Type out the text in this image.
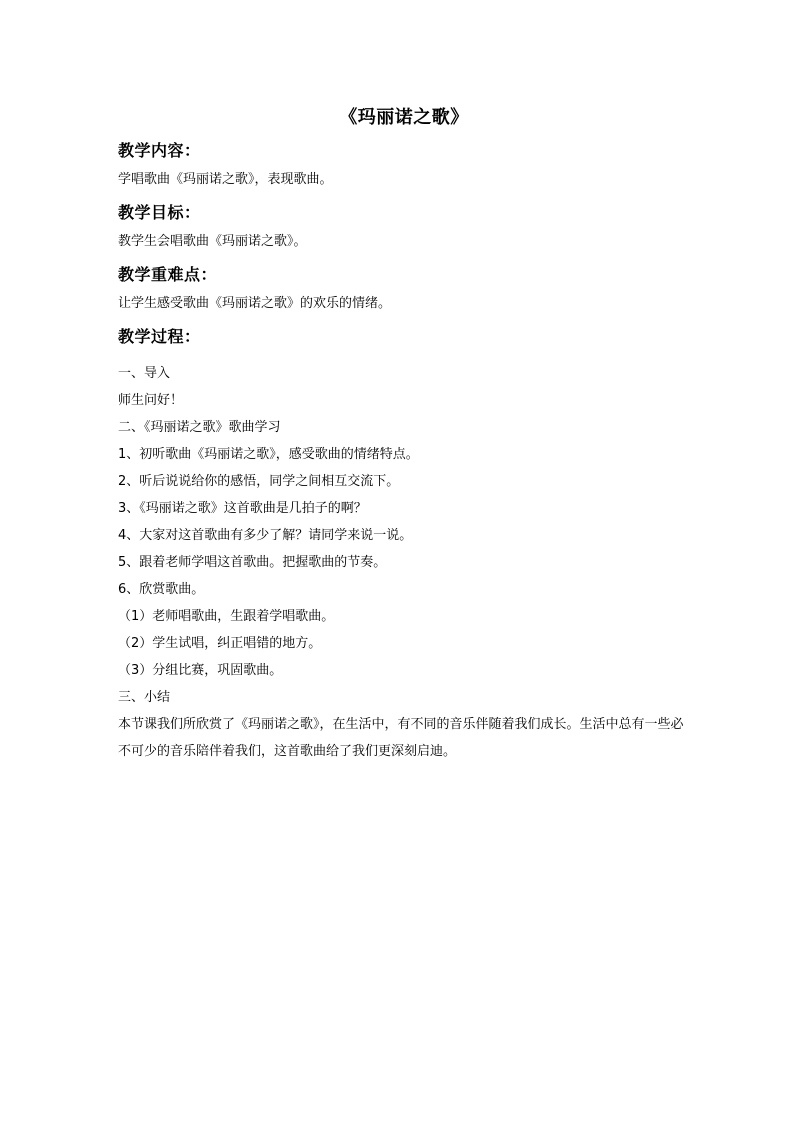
《玛丽诺之歌》
教学内容：
学唱歌曲《玛丽诺之歌》，表现歌曲。
教学目标：
教学生会唱歌曲《玛丽诺之歌》。
教学重难点：
让学生感受歌曲《玛丽诺之歌》的欢乐的情绪。
教学过程：
一、导入
师生问好！
二、《玛丽诺之歌》歌曲学习
1、初听歌曲《玛丽诺之歌》，感受歌曲的情绪特点。
2、听后说说给你的感悟，同学之间相互交流下。
3、《玛丽诺之歌》这首歌曲是几拍子的啊？
4、大家对这首歌曲有多少了解？请同学来说一说。
5、跟着老师学唱这首歌曲。把握歌曲的节奏。
6、欣赏歌曲。
（1）老师唱歌曲，生跟着学唱歌曲。
（2）学生试唱，纠正唱错的地方。
（3）分组比赛，巩固歌曲。
三、小结
本节课我们所欣赏了《玛丽诺之歌》，在生活中，有不同的音乐伴随着我们成长。生活中总有一些必不可少的音乐陪伴着我们，这首歌曲给了我们更深刻启迪。
